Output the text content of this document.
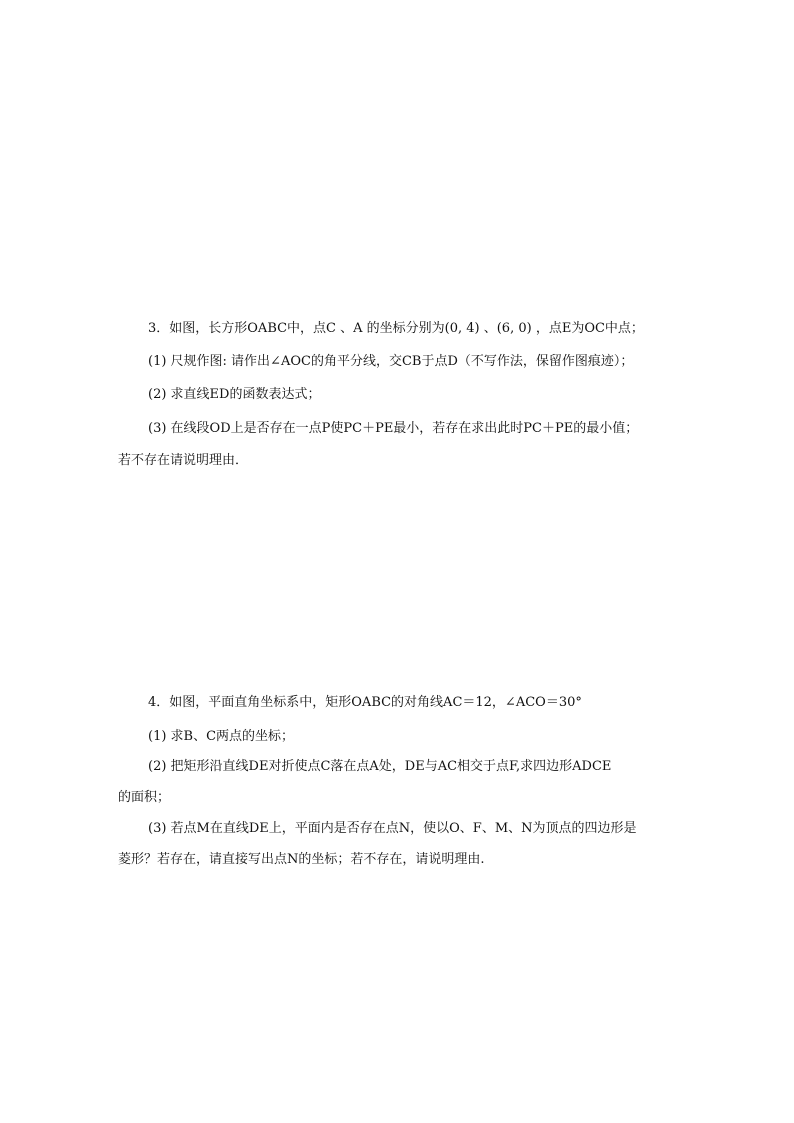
3．如图，长方形OABC中，点C 、A 的坐标分别为(0, 4) 、(6, 0) ，点E为OC中点；
(1) 尺规作图: 请作出∠AOC的角平分线，交CB于点D（不写作法，保留作图痕迹）；
(2) 求直线ED的函数表达式；
(3) 在线段OD上是否存在一点P使PC＋PE最小，若存在求出此时PC＋PE的最小值；
若不存在请说明理由．
4．如图，平面直角坐标系中，矩形OABC的对角线AC＝12，∠ACO＝30°
(1) 求B、C两点的坐标；
(2) 把矩形沿直线DE对折使点C落在点A处，DE与AC相交于点F,求四边形ADCE
的面积；
(3) 若点M在直线DE上，平面内是否存在点N，使以O、F、M、N为顶点的四边形是
菱形？若存在，请直接写出点N的坐标；若不存在，请说明理由.
